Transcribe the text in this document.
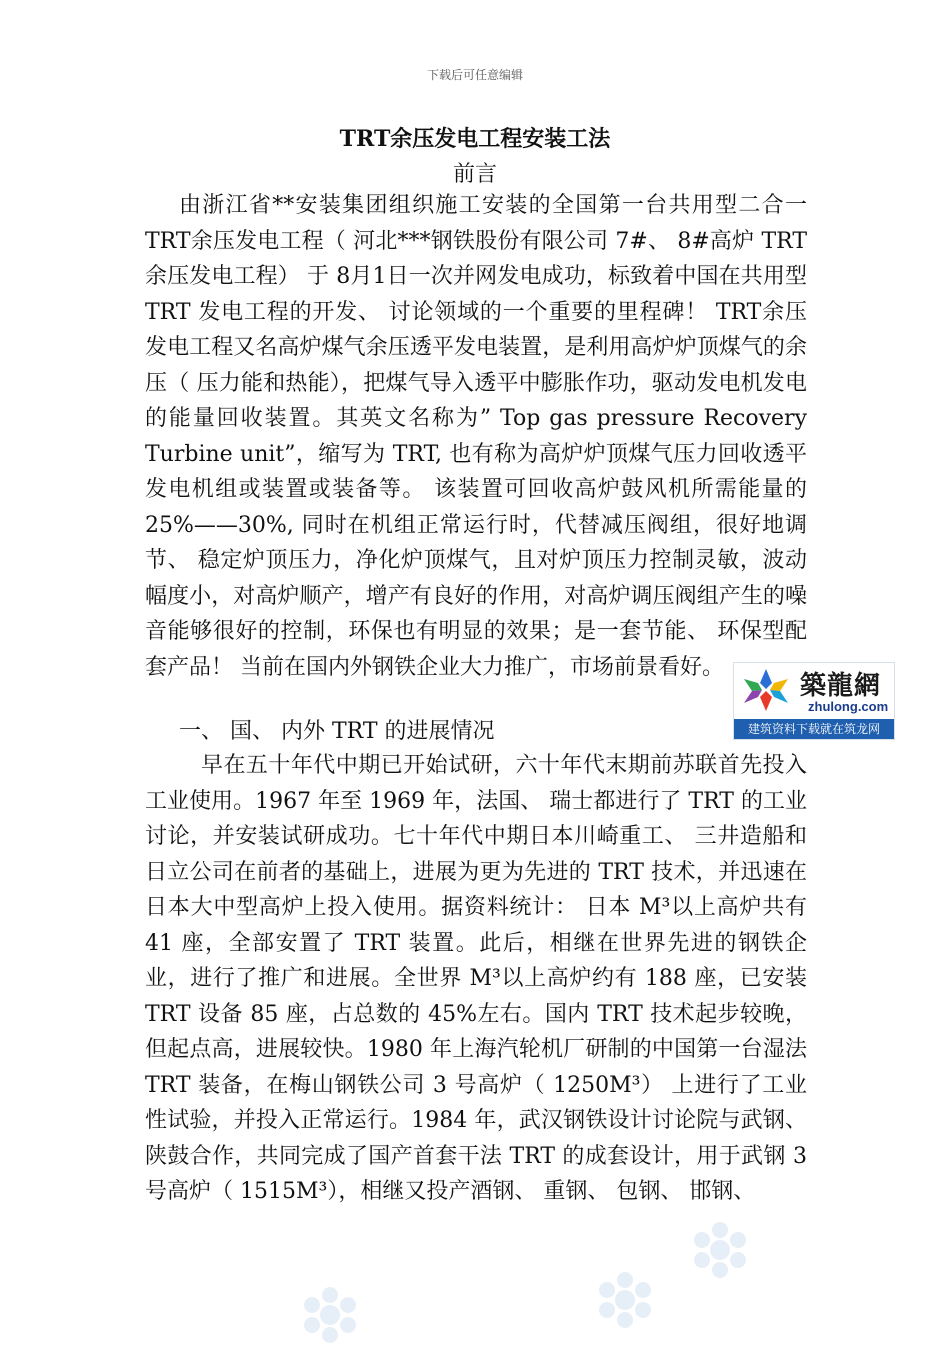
下载后可任意编辑
TRT余压发电工程安装工法
前言

由浙江省**安装集团组织施工安装的全国第一台共用型二合一TRT余压发电工程（ 河北***钢铁股份有限公司 7#、 8#高炉 TRT余压发电工程） 于 8月1日一次并网发电成功，标致着中国在共用型 TRT 发电工程的开发、 讨论领域的一个重要的里程碑！ TRT余压发电工程又名高炉煤气余压透平发电装置，是利用高炉炉顶煤气的余压（ 压力能和热能），把煤气导入透平中膨胀作功，驱动发电机发电的能量回收装置。其英文名称为” Top gas pressure Recovery Turbine unit”，缩写为 TRT, 也有称为高炉炉顶煤气压力回收透平发电机组或装置或装备等。 该装置可回收高炉鼓风机所需能量的 25%——30%, 同时在机组正常运行时，代替减压阀组，很好地调节、 稳定炉顶压力，净化炉顶煤气，且对炉顶压力控制灵敏，波动幅度小，对高炉顺产，增产有良好的作用，对高炉调压阀组产生的噪音能够很好的控制，环保也有明显的效果；是一套节能、 环保型配套产品！ 当前在国内外钢铁企业大力推广，市场前景看好。

一、 国、 内外 TRT 的进展情况

早在五十年代中期已开始试研，六十年代末期前苏联首先投入工业使用。1967 年至 1969 年，法国、 瑞士都进行了 TRT 的工业讨论，并安装试研成功。七十年代中期日本川崎重工、 三井造船和日立公司在前者的基础上，进展为更为先进的 TRT 技术，并迅速在日本大中型高炉上投入使用。据资料统计： 日本 M³以上高炉共有 41 座，全部安置了 TRT 装置。此后，相继在世界先进的钢铁企业，进行了推广和进展。全世界 M³以上高炉约有 188 座，已安装 TRT 设备 85 座，占总数的 45%左右。国内 TRT 技术起步较晚，但起点高，进展较快。1980 年上海汽轮机厂研制的中国第一台湿法 TRT 装备，在梅山钢铁公司 3 号高炉（ 1250M³） 上进行了工业性试验，并投入正常运行。1984 年，武汉钢铁设计讨论院与武钢、陕鼓合作，共同完成了国产首套干法 TRT 的成套设计，用于武钢 3号高炉（ 1515M³），相继又投产酒钢、 重钢、 包钢、 邯钢、

築龍網
zhulong.com
建筑资料下载就在筑龙网
